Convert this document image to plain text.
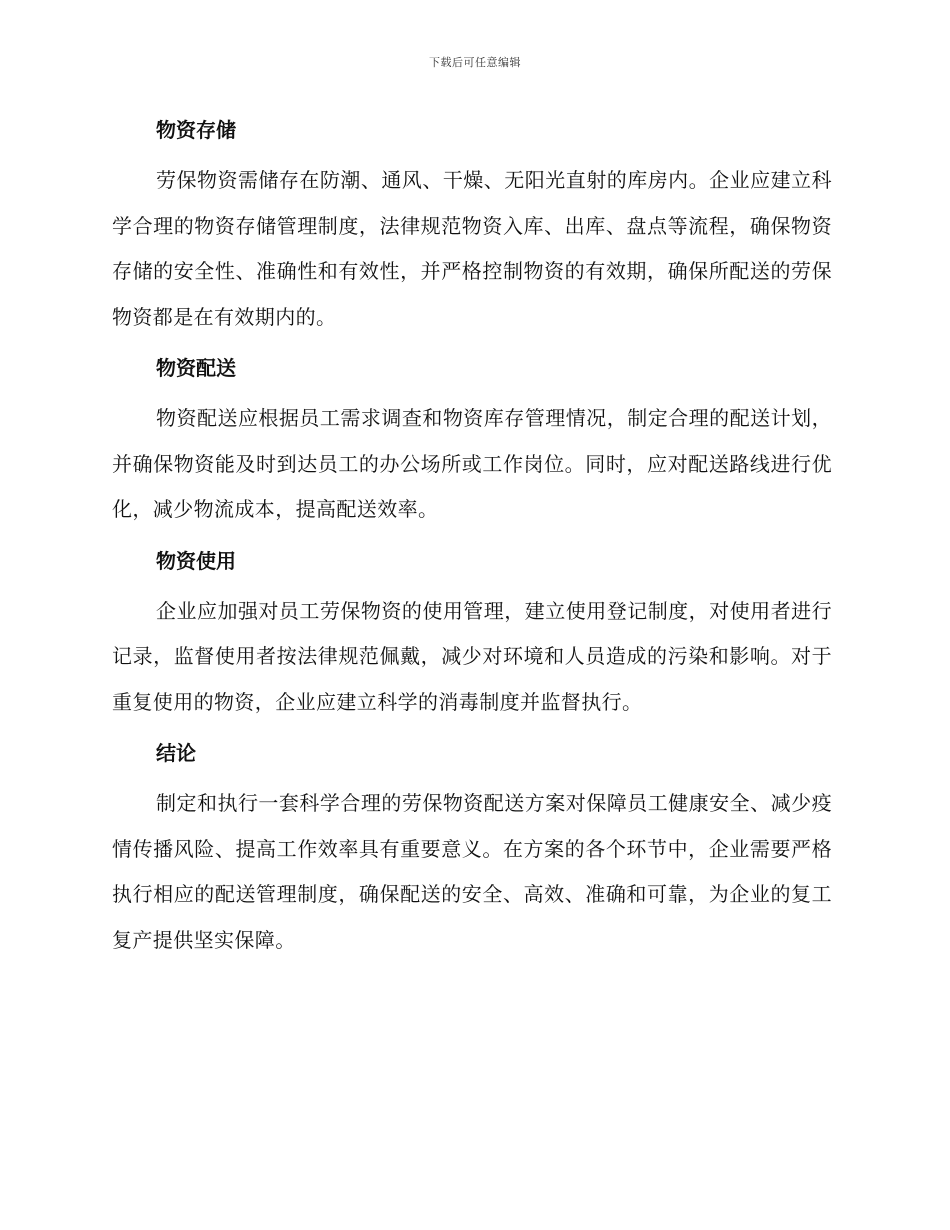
下载后可任意编辑
物资存储

劳保物资需储存在防潮、通风、干燥、无阳光直射的库房内。企业应建立科学合理的物资存储管理制度，法律规范物资入库、出库、盘点等流程，确保物资存储的安全性、准确性和有效性，并严格控制物资的有效期，确保所配送的劳保物资都是在有效期内的。

物资配送

物资配送应根据员工需求调查和物资库存管理情况，制定合理的配送计划，并确保物资能及时到达员工的办公场所或工作岗位。同时，应对配送路线进行优化，减少物流成本，提高配送效率。

物资使用

企业应加强对员工劳保物资的使用管理，建立使用登记制度，对使用者进行记录，监督使用者按法律规范佩戴，减少对环境和人员造成的污染和影响。对于重复使用的物资，企业应建立科学的消毒制度并监督执行。

结论

制定和执行一套科学合理的劳保物资配送方案对保障员工健康安全、减少疫情传播风险、提高工作效率具有重要意义。在方案的各个环节中，企业需要严格执行相应的配送管理制度，确保配送的安全、高效、准确和可靠，为企业的复工复产提供坚实保障。
